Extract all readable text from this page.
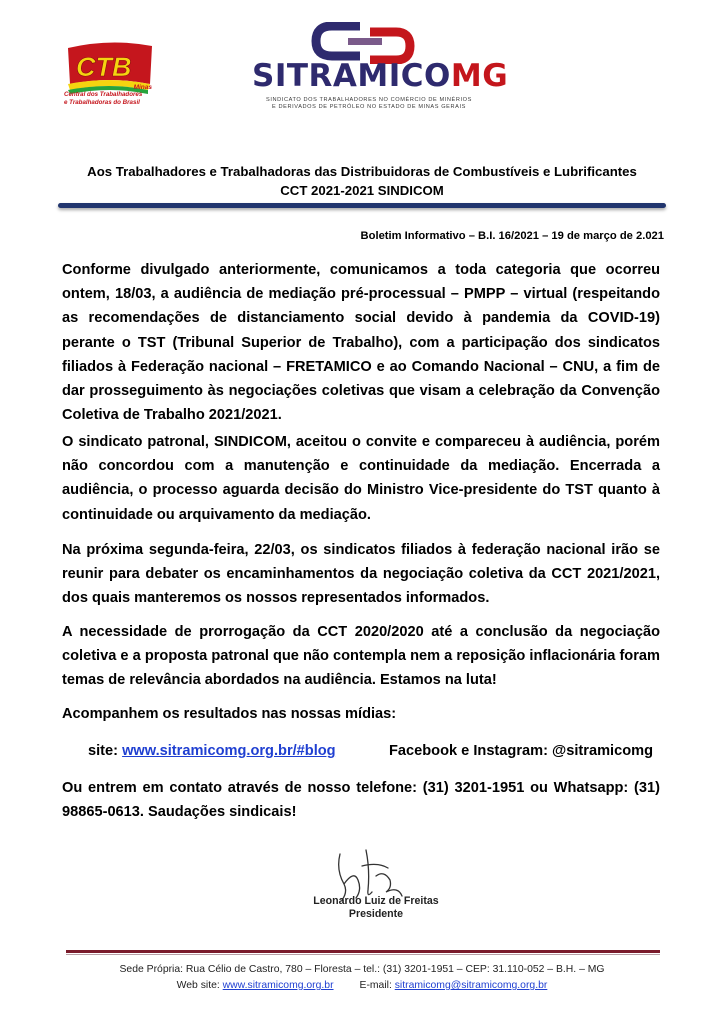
CTB
Minas
Central dos Trabalhadores
e Trabalhadoras do Brasil
SITRAMICOMG
SINDICATO DOS TRABALHADORES NO COMÉRCIO DE MINÉRIOS
E DERIVADOS DE PETRÓLEO NO ESTADO DE MINAS GERAIS
Aos Trabalhadores e Trabalhadoras das Distribuidoras de Combustíveis e Lubrificantes
CCT 2021-2021 SINDICOM
Boletim Informativo – B.I. 16/2021 – 19 de março de 2.021
Conforme divulgado anteriormente, comunicamos a toda categoria que ocorreu ontem, 18/03, a audiência de mediação pré-processual – PMPP – virtual (respeitando as recomendações de distanciamento social devido à pandemia da COVID-19) perante o TST (Tribunal Superior de Trabalho), com a participação dos sindicatos filiados à Federação nacional – FRETAMICO e ao Comando Nacional – CNU, a fim de dar prosseguimento às negociações coletivas que visam a celebração da Convenção Coletiva de Trabalho 2021/2021.
O sindicato patronal, SINDICOM, aceitou o convite e compareceu à audiência, porém não concordou com a manutenção e continuidade da mediação. Encerrada a audiência, o processo aguarda decisão do Ministro Vice-presidente do TST quanto à continuidade ou arquivamento da mediação.
Na próxima segunda-feira, 22/03, os sindicatos filiados à federação nacional irão se reunir para debater os encaminhamentos da negociação coletiva da CCT 2021/2021, dos quais manteremos os nossos representados informados.
A necessidade de prorrogação da CCT 2020/2020 até a conclusão da negociação coletiva e a proposta patronal que não contempla nem a reposição inflacionária foram temas de relevância abordados na audiência. Estamos na luta!
Acompanhem os resultados nas nossas mídias:
site: www.sitramicomg.org.br/#blog	Facebook e Instagram: @sitramicomg
Ou entrem em contato através de nosso telefone: (31) 3201-1951 ou Whatsapp: (31) 98865-0613. Saudações sindicais!
Leonardo Luiz de Freitas
Presidente
Sede Própria: Rua Célio de Castro, 780 – Floresta – tel.: (31) 3201-1951 – CEP: 31.110-052 – B.H. – MG
Web site: www.sitramicomg.org.br E-mail: sitramicomg@sitramicomg.org.br
